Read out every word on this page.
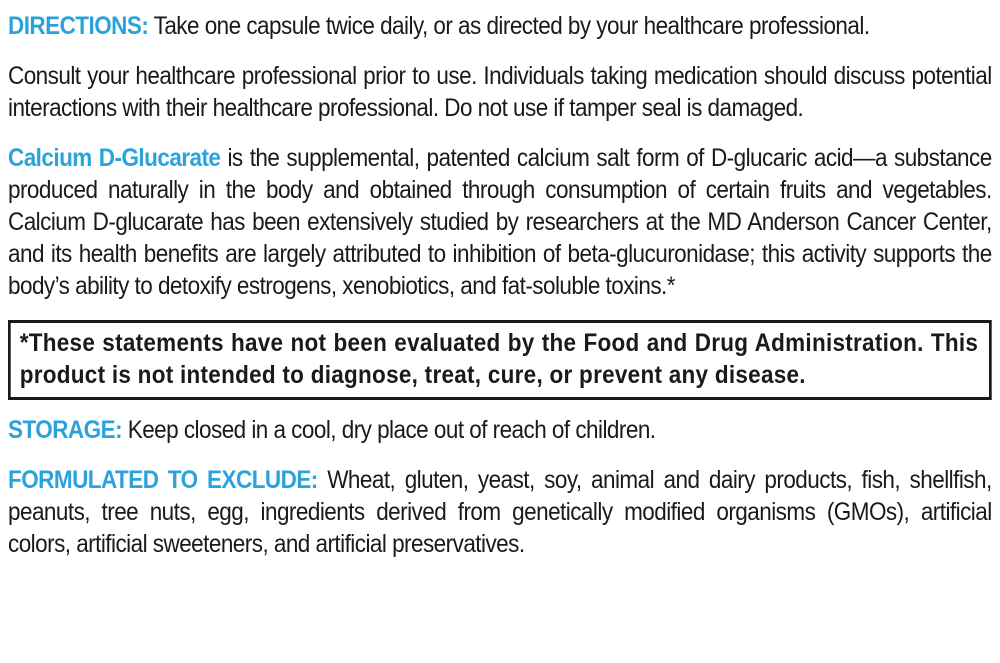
DIRECTIONS: Take one capsule twice daily, or as directed by your healthcare professional.

Consult your healthcare professional prior to use. Individuals taking medication should discuss potential interactions with their healthcare professional. Do not use if tamper seal is damaged.

Calcium D-Glucarate is the supplemental, patented calcium salt form of D-glucaric acid—a substance produced naturally in the body and obtained through consumption of certain fruits and vegetables. Calcium D-glucarate has been extensively studied by researchers at the MD Anderson Cancer Center, and its health benefits are largely attributed to inhibition of beta-glucuronidase; this activity supports the body’s ability to detoxify estrogens, xenobiotics, and fat-soluble toxins.*

*These statements have not been evaluated by the Food and Drug Administration. This product is not intended to diagnose, treat, cure, or prevent any disease.

STORAGE: Keep closed in a cool, dry place out of reach of children.

FORMULATED TO EXCLUDE: Wheat, gluten, yeast, soy, animal and dairy products, fish, shellfish, peanuts, tree nuts, egg, ingredients derived from genetically modified organisms (GMOs), artificial colors, artificial sweeteners, and artificial preservatives.
